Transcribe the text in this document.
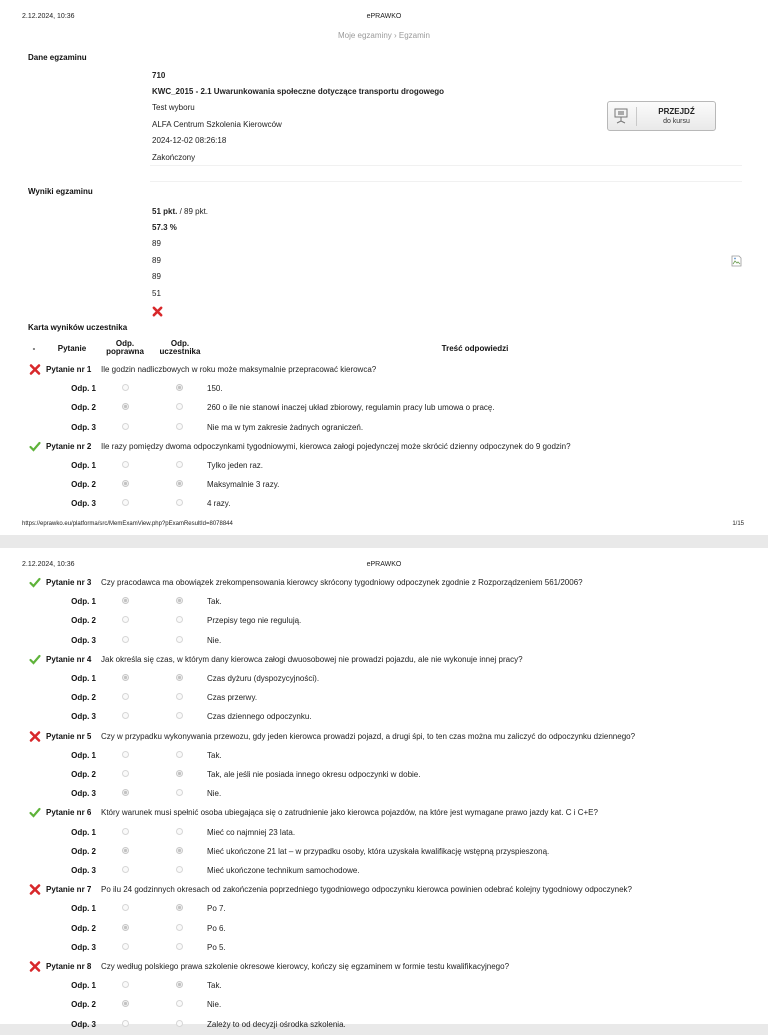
2.12.2024, 10:36	ePRAWKO
Moje egzaminy › Egzamin
Dane egzaminu
710
KWC_2015 - 2.1 Uwarunkowania społeczne dotyczące transportu drogowego
Test wyboru
ALFA Centrum Szkolenia Kierowców
2024-12-02 08:26:18
Zakończony
PRZEJDŹ
do kursu
Wyniki egzaminu
51 pkt. / 89 pkt.
57.3 %
89
89
89
51
Karta wyników uczestnika
-	Pytanie
Odp.
poprawna
Odp.
uczestnika	Treść odpowiedzi
Pytanie nr 1 Ile godzin nadliczbowych w roku może maksymalnie przepracować kierowca?
Odp. 1	150.
Odp. 2	260 o ile nie stanowi inaczej układ zbiorowy, regulamin pracy lub umowa o pracę.
Odp. 3	Nie ma w tym zakresie żadnych ograniczeń.
Pytanie nr 2 Ile razy pomiędzy dwoma odpoczynkami tygodniowymi, kierowca załogi pojedynczej może skrócić dzienny odpoczynek do 9 godzin?
Odp. 1	Tylko jeden raz.
Odp. 2	Maksymalnie 3 razy.
Odp. 3	4 razy.
https://eprawko.eu/platforma/src/MemExamView.php?pExamResultId=8078844	1/15
2.12.2024, 10:36	ePRAWKO
Pytanie nr 3 Czy pracodawca ma obowiązek zrekompensowania kierowcy skrócony tygodniowy odpoczynek zgodnie z Rozporządzeniem 561/2006?
Odp. 1	Tak.
Odp. 2	Przepisy tego nie regulują.
Odp. 3	Nie.
Pytanie nr 4 Jak określa się czas, w którym dany kierowca załogi dwuosobowej nie prowadzi pojazdu, ale nie wykonuje innej pracy?
Odp. 1	Czas dyżuru (dyspozycyjności).
Odp. 2	Czas przerwy.
Odp. 3	Czas dziennego odpoczynku.
Pytanie nr 5 Czy w przypadku wykonywania przewozu, gdy jeden kierowca prowadzi pojazd, a drugi śpi, to ten czas można mu zaliczyć do odpoczynku dziennego?
Odp. 1	Tak.
Odp. 2	Tak, ale jeśli nie posiada innego okresu odpoczynki w dobie.
Odp. 3	Nie.
Pytanie nr 6 Który warunek musi spełnić osoba ubiegająca się o zatrudnienie jako kierowca pojazdów, na które jest wymagane prawo jazdy kat. C i C+E?
Odp. 1	Mieć co najmniej 23 lata.
Odp. 2	Mieć ukończone 21 lat – w przypadku osoby, która uzyskała kwalifikację wstępną przyspieszoną.
Odp. 3	Mieć ukończone technikum samochodowe.
Pytanie nr 7 Po ilu 24 godzinnych okresach od zakończenia poprzedniego tygodniowego odpoczynku kierowca powinien odebrać kolejny tygodniowy odpoczynek?
Odp. 1	Po 7.
Odp. 2	Po 6.
Odp. 3	Po 5.
Pytanie nr 8 Czy według polskiego prawa szkolenie okresowe kierowcy, kończy się egzaminem w formie testu kwalifikacyjnego?
Odp. 1	Tak.
Odp. 2	Nie.
Odp. 3	Zależy to od decyzji ośrodka szkolenia.
